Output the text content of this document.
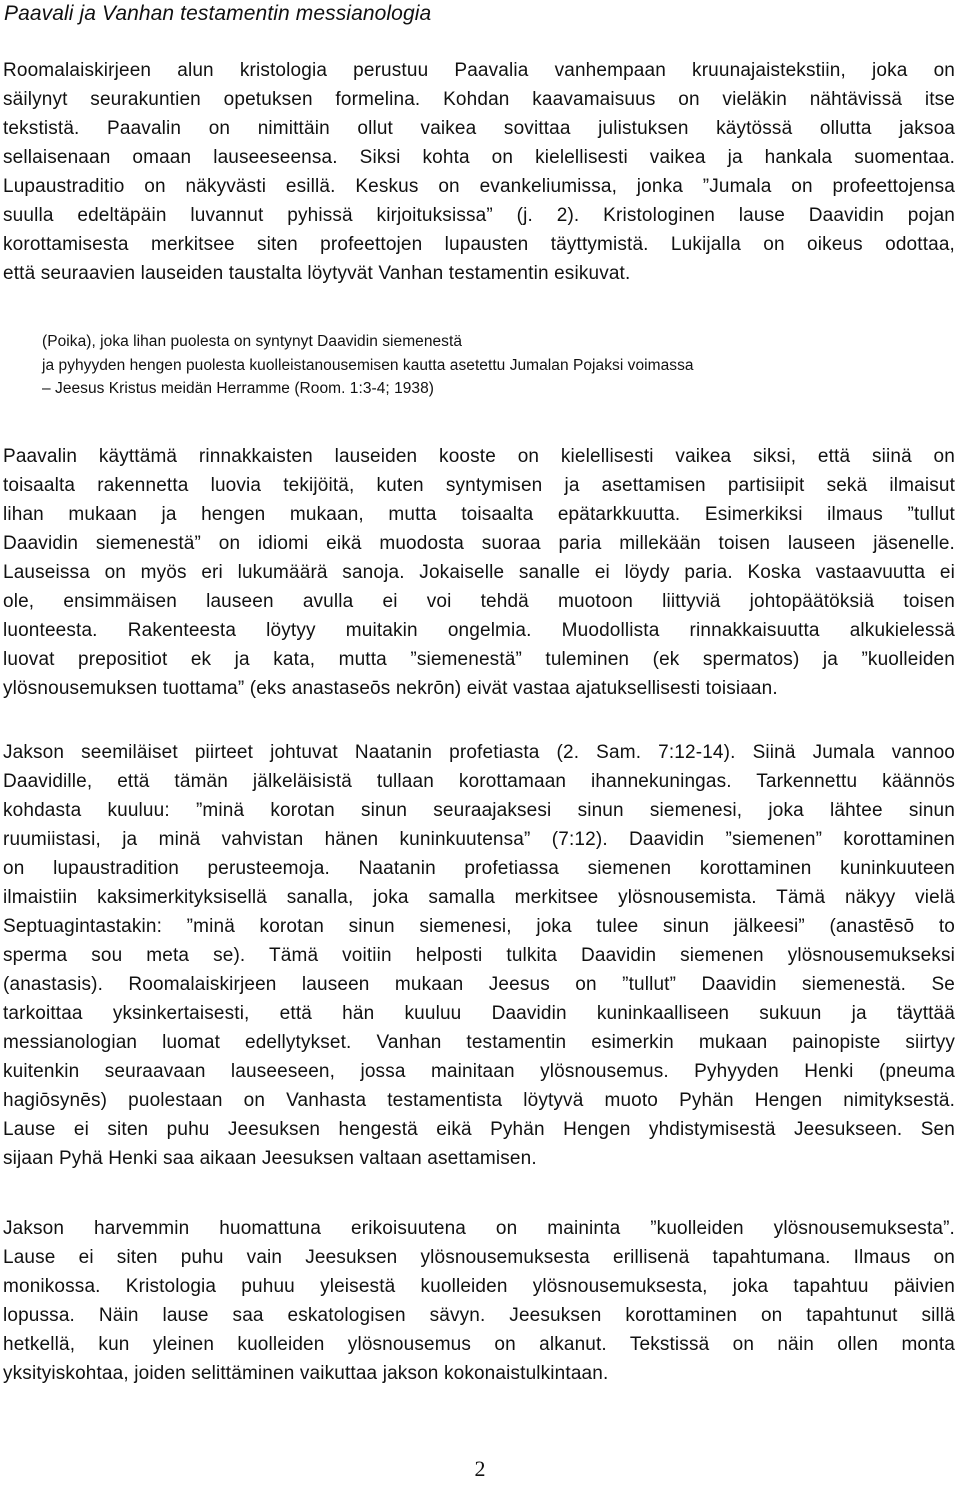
Paavali ja Vanhan testamentin messianologia
Roomalaiskirjeen alun kristologia perustuu Paavalia vanhempaan kruunajaistekstiin, joka on
säilynyt seurakuntien opetuksen formelina. Kohdan kaavamaisuus on vieläkin nähtävissä itse
tekstistä. Paavalin on nimittäin ollut vaikea sovittaa julistuksen käytössä ollutta jaksoa
sellaisenaan omaan lauseeseensa. Siksi kohta on kielellisesti vaikea ja hankala suomentaa.
Lupaustraditio on näkyvästi esillä. Keskus on evankeliumissa, jonka ”Jumala on profeettojensa
suulla edeltäpäin luvannut pyhissä kirjoituksissa” (j. 2). Kristologinen lause Daavidin pojan
korottamisesta merkitsee siten profeettojen lupausten täyttymistä. Lukijalla on oikeus odottaa,
että seuraavien lauseiden taustalta löytyvät Vanhan testamentin esikuvat.
(Poika), joka lihan puolesta on syntynyt Daavidin siemenestä
ja pyhyyden hengen puolesta kuolleistanousemisen kautta asetettu Jumalan Pojaksi voimassa
– Jeesus Kristus meidän Herramme (Room. 1:3-4; 1938)
Paavalin käyttämä rinnakkaisten lauseiden kooste on kielellisesti vaikea siksi, että siinä on
toisaalta rakennetta luovia tekijöitä, kuten syntymisen ja asettamisen partisiipit sekä ilmaisut
lihan mukaan ja hengen mukaan, mutta toisaalta epätarkkuutta. Esimerkiksi ilmaus ”tullut
Daavidin siemenestä” on idiomi eikä muodosta suoraa paria millekään toisen lauseen jäsenelle.
Lauseissa on myös eri lukumäärä sanoja. Jokaiselle sanalle ei löydy paria. Koska vastaavuutta ei
ole, ensimmäisen lauseen avulla ei voi tehdä muotoon liittyviä johtopäätöksiä toisen
luonteesta. Rakenteesta löytyy muitakin ongelmia. Muodollista rinnakkaisuutta alkukielessä
luovat prepositiot ek ja kata, mutta ”siemenestä” tuleminen (ek spermatos) ja ”kuolleiden
ylösnousemuksen tuottama” (eks anastaseōs nekrōn) eivät vastaa ajatuksellisesti toisiaan.
Jakson seemiläiset piirteet johtuvat Naatanin profetiasta (2. Sam. 7:12-14). Siinä Jumala vannoo
Daavidille, että tämän jälkeläisistä tullaan korottamaan ihannekuningas. Tarkennettu käännös
kohdasta kuuluu: ”minä korotan sinun seuraajaksesi sinun siemenesi, joka lähtee sinun
ruumiistasi, ja minä vahvistan hänen kuninkuutensa” (7:12). Daavidin ”siemenen” korottaminen
on lupaustradition perusteemoja. Naatanin profetiassa siemenen korottaminen kuninkuuteen
ilmaistiin kaksimerkityksisellä sanalla, joka samalla merkitsee ylösnousemista. Tämä näkyy vielä
Septuagintastakin: ”minä korotan sinun siemenesi, joka tulee sinun jälkeesi” (anastēsō to
sperma sou meta se). Tämä voitiin helposti tulkita Daavidin siemenen ylösnousemukseksi
(anastasis). Roomalaiskirjeen lauseen mukaan Jeesus on ”tullut” Daavidin siemenestä. Se
tarkoittaa yksinkertaisesti, että hän kuuluu Daavidin kuninkaalliseen sukuun ja täyttää
messianologian luomat edellytykset. Vanhan testamentin esimerkin mukaan painopiste siirtyy
kuitenkin seuraavaan lauseeseen, jossa mainitaan ylösnousemus. Pyhyyden Henki (pneuma
hagiōsynēs) puolestaan on Vanhasta testamentista löytyvä muoto Pyhän Hengen nimityksestä.
Lause ei siten puhu Jeesuksen hengestä eikä Pyhän Hengen yhdistymisestä Jeesukseen. Sen
sijaan Pyhä Henki saa aikaan Jeesuksen valtaan asettamisen.
Jakson harvemmin huomattuna erikoisuutena on maininta ”kuolleiden ylösnousemuksesta”.
Lause ei siten puhu vain Jeesuksen ylösnousemuksesta erillisenä tapahtumana. Ilmaus on
monikossa. Kristologia puhuu yleisestä kuolleiden ylösnousemuksesta, joka tapahtuu päivien
lopussa. Näin lause saa eskatologisen sävyn. Jeesuksen korottaminen on tapahtunut sillä
hetkellä, kun yleinen kuolleiden ylösnousemus on alkanut. Tekstissä on näin ollen monta
yksityiskohtaa, joiden selittäminen vaikuttaa jakson kokonaistulkintaan.
2
